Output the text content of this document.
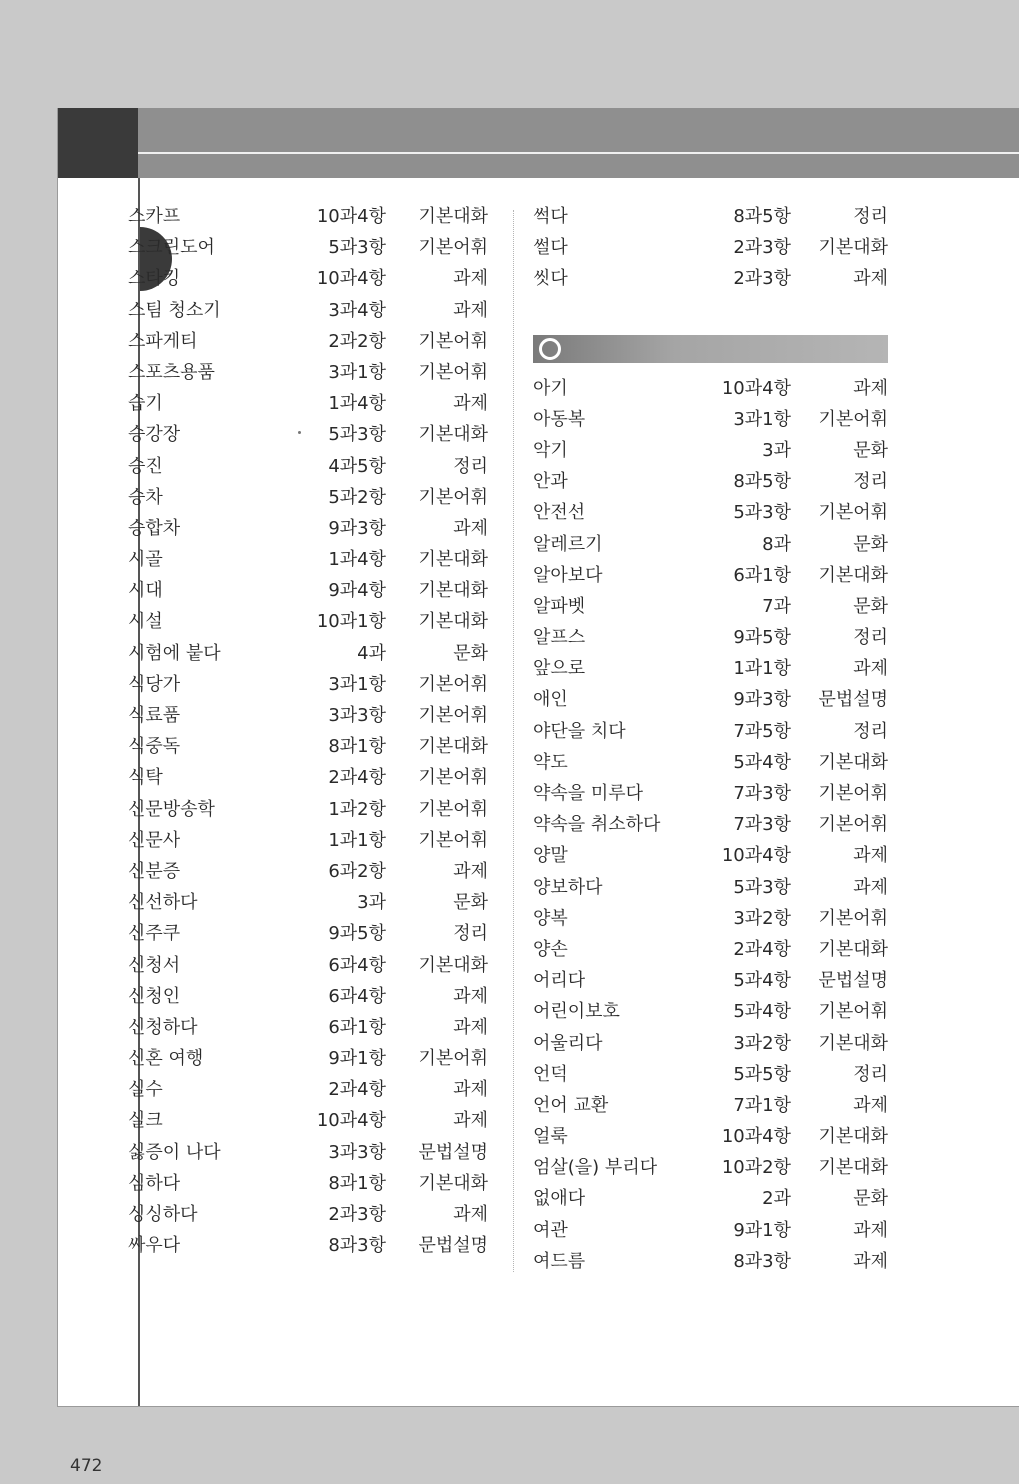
스카프	10과4항 기본대화
스크린도어	5과3항 기본어휘
스타킹	10과4항	과제
스팀 청소기	3과4항	과제
스파게티	2과2항 기본어휘
스포츠용품	3과1항 기본어휘
습기	1과4항	과제
승강장	5과3항 기본대화
승진	4과5항	정리
승차	5과2항 기본어휘
승합차	9과3항	과제
시골	1과4항 기본대화
시대	9과4항 기본대화
시설	10과1항 기본대화
시험에 붙다	4과	문화
식당가	3과1항 기본어휘
식료품	3과3항 기본어휘
식중독	8과1항 기본대화
식탁	2과4항 기본어휘
신문방송학	1과2항 기본어휘
신문사	1과1항 기본어휘
신분증	6과2항	과제
신선하다	3과	문화
신주쿠	9과5항	정리
신청서	6과4항 기본대화
신청인	6과4항	과제
신청하다	6과1항	과제
신혼 여행	9과1항 기본어휘
실수	2과4항	과제
실크	10과4항	과제
싫증이 나다	3과3항 문법설명
심하다	8과1항 기본대화
싱싱하다	2과3항	과제
싸우다	8과3항 문법설명
썩다	8과5항	정리
썰다	2과3항 기본대화
씻다	2과3항	과제
아기	10과4항	과제
아동복	3과1항 기본어휘
악기	3과	문화
안과	8과5항	정리
안전선	5과3항 기본어휘
알레르기	8과	문화
알아보다	6과1항 기본대화
알파벳	7과	문화
알프스	9과5항	정리
앞으로	1과1항	과제
애인	9과3항 문법설명
야단을 치다	7과5항	정리
약도	5과4항 기본대화
약속을 미루다	7과3항 기본어휘
약속을 취소하다	7과3항 기본어휘
양말	10과4항	과제
양보하다	5과3항	과제
양복	3과2항 기본어휘
양손	2과4항 기본대화
어리다	5과4항 문법설명
어린이보호	5과4항 기본어휘
어울리다	3과2항 기본대화
언덕	5과5항	정리
언어 교환	7과1항	과제
얼룩	10과4항 기본대화
엄살(을) 부리다	10과2항 기본대화
없애다	2과	문화
여관	9과1항	과제
여드름	8과3항	과제
472
